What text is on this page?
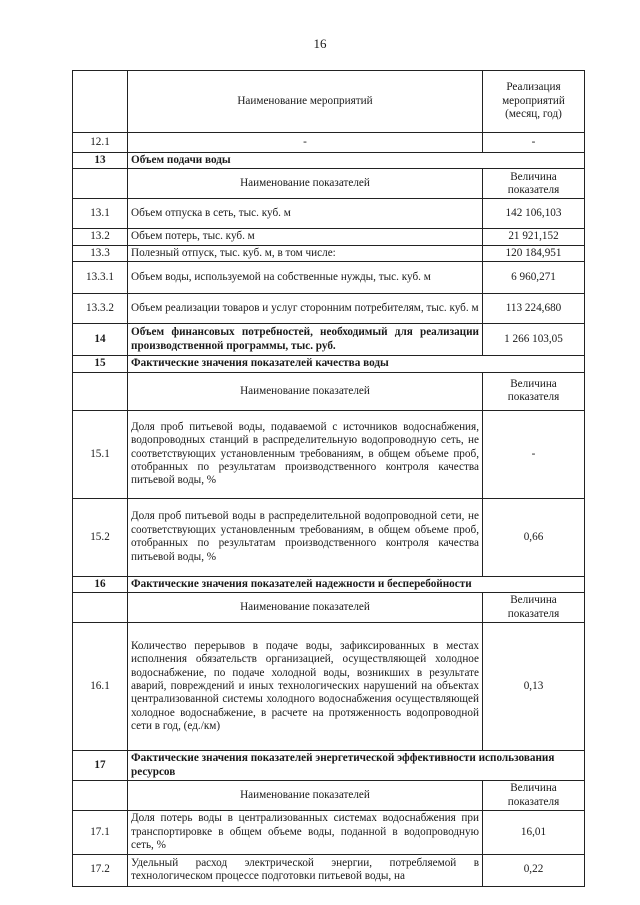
16
	Наименование мероприятий	Реализация мероприятий (месяц, год)
12.1	-	-
13	Объем подачи воды	
	Наименование показателей	Величина показателя
13.1	Объем отпуска в сеть, тыс. куб. м	142 106,103
13.2	Объем потерь, тыс. куб. м	21 921,152
13.3	Полезный отпуск, тыс. куб. м, в том числе:	120 184,951
13.3.1	Объем воды, используемой на собственные нужды, тыс. куб. м	6 960,271
13.3.2	Объем реализации товаров и услуг сторонним потребителям, тыс. куб. м	113 224,680
14	Объем финансовых потребностей, необходимый для реализации производственной программы, тыс. руб.	1 266 103,05
15	Фактические значения показателей качества воды	
	Наименование показателей	Величина показателя
15.1	Доля проб питьевой воды, подаваемой с источников водоснабжения, водопроводных станций в распределительную водопроводную сеть, не соответствующих установленным требованиям, в общем объеме проб, отобранных по результатам производственного контроля качества питьевой воды, %	-
15.2	Доля проб питьевой воды в распределительной водопроводной сети, не соответствующих установленным требованиям, в общем объеме проб, отобранных по результатам производственного контроля качества питьевой воды, %	0,66
16	Фактические значения показателей надежности и бесперебойности	
	Наименование показателей	Величина показателя
16.1	Количество перерывов в подаче воды, зафиксированных в местах исполнения обязательств организацией, осуществляющей холодное водоснабжение, по подаче холодной воды, возникших в результате аварий, повреждений и иных технологических нарушений на объектах централизованной системы холодного водоснабжения осуществляющей холодное водоснабжение, в расчете на протяженность водопроводной сети в год, (ед./км)	0,13
17	Фактические значения показателей энергетической эффективности использования ресурсов	
	Наименование показателей	Величина показателя
17.1	Доля потерь воды в централизованных системах водоснабжения при транспортировке в общем объеме воды, поданной в водопроводную сеть, %	16,01
17.2	Удельный расход электрической энергии, потребляемой в технологическом процессе подготовки питьевой воды, на	0,22
